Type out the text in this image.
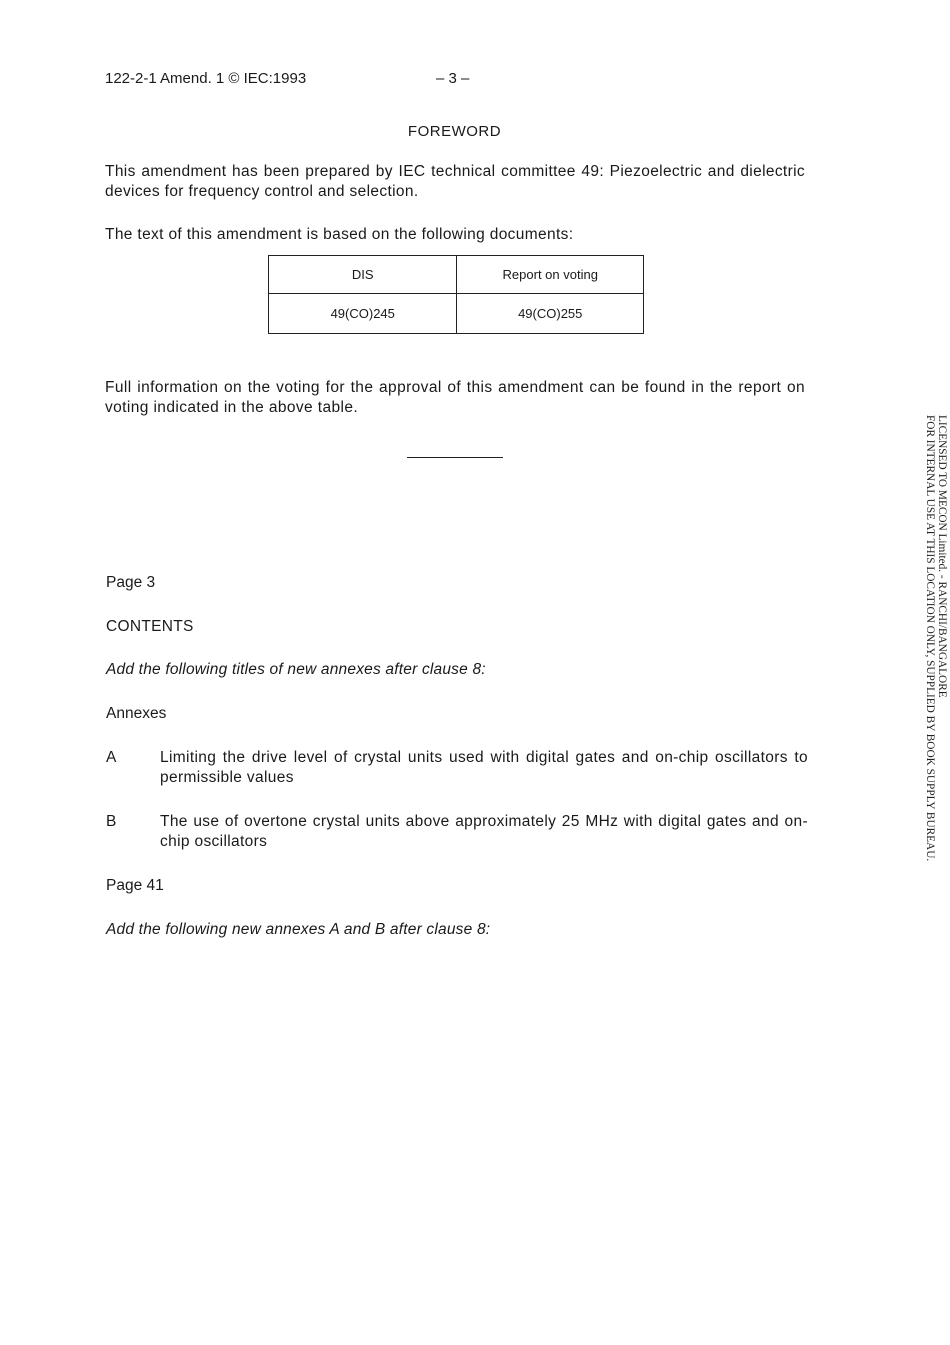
122-2-1 Amend. 1 © IEC:1993	– 3 –
FOREWORD
This amendment has been prepared by IEC technical committee 49: Piezoelectric and dielectric devices for frequency control and selection.
The text of this amendment is based on the following documents:
DIS	Report on voting
49(CO)245	49(CO)255
Full information on the voting for the approval of this amendment can be found in the report on voting indicated in the above table.
Page 3
CONTENTS
Add the following titles of new annexes after clause 8:
Annexes
A	Limiting the drive level of crystal units used with digital gates and on-chip oscillators to permissible values
B	The use of overtone crystal units above approximately 25 MHz with digital gates and on-chip oscillators
Page 41
Add the following new annexes A and B after clause 8:
LICENSED TO MECON Limited. - RANCHI/BANGALORE
FOR INTERNAL USE AT THIS LOCATION ONLY, SUPPLIED BY BOOK SUPPLY BUREAU.
